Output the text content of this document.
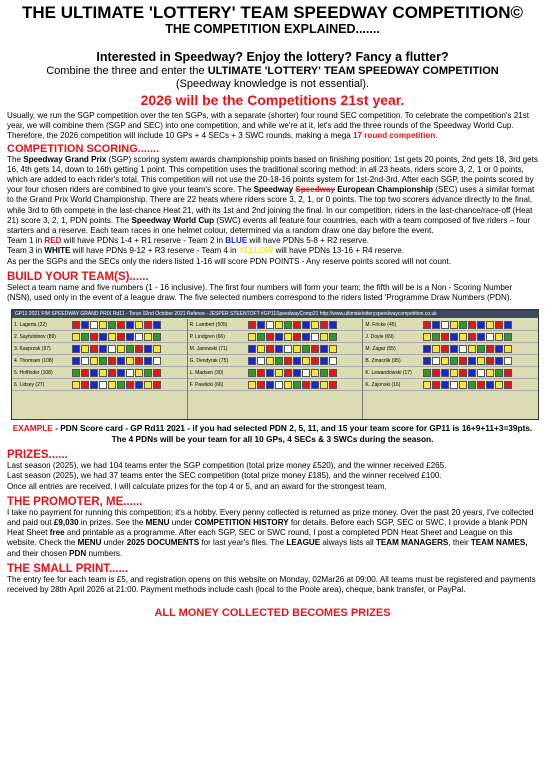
THE ULTIMATE 'LOTTERY' TEAM SPEEDWAY COMPETITION©
THE COMPETITION EXPLAINED.......
Interested in Speedway? Enjoy the lottery? Fancy a flutter?
Combine the three and enter the ULTIMATE 'LOTTERY' TEAM SPEEDWAY COMPETITION
(Speedway knowledge is not essential).
2026 will be the Competitions 21st year.

Usually, we run the SGP competition over the ten SGPs, with a separate (shorter) four round SEC competition. To celebrate the competition's 21st year, we will combine them (SGP and SEC) into one competition, and while we're at it, let's add the three rounds of the Speedway World Cup. Therefore, the 2026 competition will include 10 GPs + 4 SECs + 3 SWC rounds, making a mega 17 round competition.

COMPETITION SCORING.......

The Speedway Grand Prix (SGP) scoring system awards championship points based on finishing position: 1st gets 20 points, 2nd gets 18, 3rd gets 16, 4th gets 14, down to 16th getting 1 point. This competition uses the traditional scoring method: in all 23 heats, riders score 3, 2, 1 or 0 points, which are added to each rider's total. This competition will not use the 20-18-16 points system for 1st-2nd-3rd. After each SGP, the points scored by your four chosen riders are combined to give your team's score. The Speedway Speedway European Championship (SEC) uses a similar format to the Grand Prix World Championship. There are 22 heats where riders score 3, 2, 1, or 0 points. The top two scorers advance directly to the final, while 3rd to 6th compete in the last-chance Heat 21, with its 1st and 2nd joining the final. In our competition, riders in the last-chance/race-off (Heat 21) score 3, 2, 1, PDN points. The Speedway World Cup (SWC) events all feature four countries, each with a team composed of five riders – four starters and a reserve. Each team races in one helmet colour, determined via a random draw one day before the event.

Team 1 in RED will have PDNs 1-4 + R1 reserve - Team 2 in BLUE will have PDNs 5-8 + R2 reserve.

Team 3 in WHITE will have PDNs 9-12 + R3 reserve - Team 4 in YELLOW will have PDNs 13-16 + R4 reserve.

As per the SGPs and the SECs only the riders listed 1-16 will score PDN POINTS - Any reserve points scored will not count.

BUILD YOUR TEAM(S)......

Select a team name and five numbers (1 - 16 inclusive). The first four numbers will form your team; the fifth will be is a Non - Scoring Number (NSN), used only in the event of a league draw. The five selected numbers correspond to the riders listed 'Programme Draw Numbers (PDN).

GP11 2021 FIM SPEEDWAY GRAND PRIX Rd11 - Torun 02nd October 2021 Referee - JESPER STEENTOFT #GP11SpeedwayComp21 http://www.ultimatelotteryspeedwaycompetition.co.uk
1. Lagerta (22)
2. Sayfutdinov (89)
3. Kasprzak (97)
4. Thomsen (108)
5. Holfinder (108)
6. Lidsey (27)
R. Lambert (505)
P. Lindgren (66)
M. Janowski (71)
G. Dendyrak (75)
L. Madsen (30)
F. Pawlicki (66)
M. Fricke (45)
J. Doyle (69)
M. Zagar (55)
B. Zmarzlik (95)
K. Lewandowski (17)
K. Zajonski (16)
EXAMPLE - PDN Score card - GP Rd11 2021 - if you had selected PDN 2, 5, 11, and 15 your team score for GP11 is 16+9+11+3=39pts.
The 4 PDNs will be your team for all 10 GPs, 4 SECs & 3 SWCs during the season.
PRIZES......

Last season (2025), we had 104 teams enter the SGP competition (total prize money £520), and the winner received £265.

Last season (2025), we had 37 teams enter the SEC competition (total prize money £185), and the winner received £100.

Once all entries are received, I will calculate prizes for the top 4 or 5, and an award for the strongest team.

THE PROMOTER, ME......

I take no payment for running this competition; it's a hobby. Every penny collected is returned as prize money. Over the past 20 years, I've collected and paid out £9,030 in prizes. See the MENU under COMPETITION HISTORY for details. Before each SGP, SEC or SWC, I provide a blank PDN Heat Sheet free and printable as a programme. After each SGP, SEC or SWC round, I post a completed PDN Heat Sheet and League on this website. Check the MENU under 2025 DOCUMENTS for last year's files. The LEAGUE always lists all TEAM MANAGERS, their TEAM NAMES, and their chosen PDN numbers.

THE SMALL PRINT......

The entry fee for each team is £5, and registration opens on this website on Monday, 02Mar26 at 09:00. All teams must be registered and payments received by 28th April 2026 at 21:00. Payment methods include cash (local to the Poole area), cheque, bank transfer, or PayPal.

ALL MONEY COLLECTED BECOMES PRIZES
